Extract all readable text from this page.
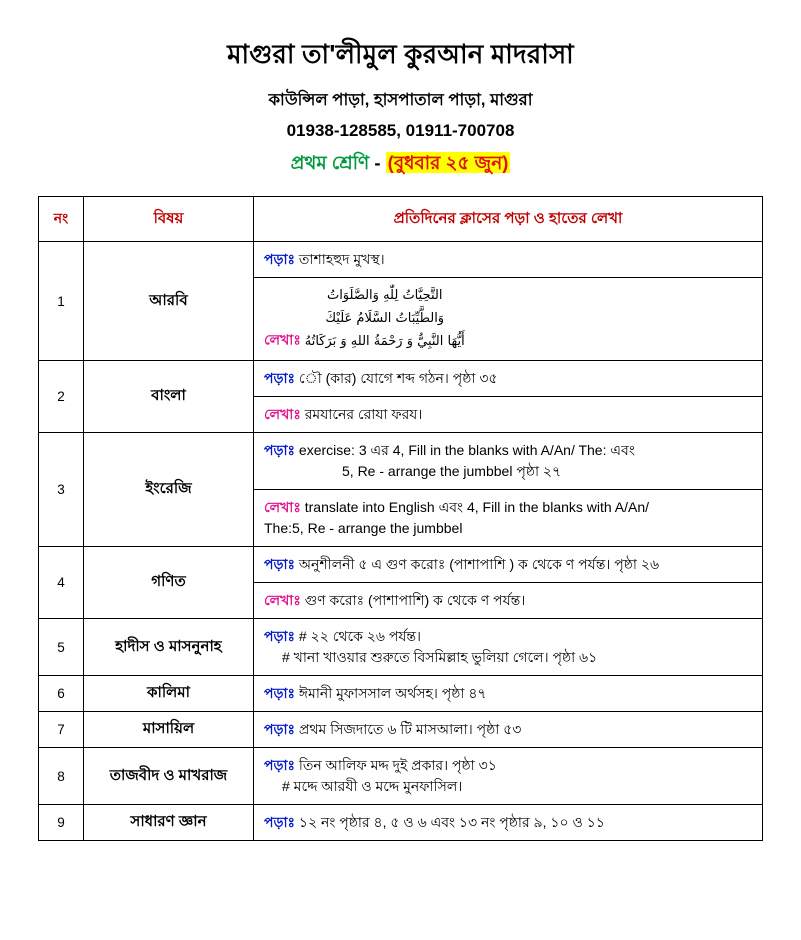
মাগুরা তা'লীমুল কুরআন মাদরাসা
কাউন্সিল পাড়া, হাসপাতাল পাড়া, মাগুরা
01938-128585, 01911-700708
প্রথম শ্রেণি - (বুধবার ২৫ জুন)
নং	বিষয়	প্রতিদিনের ক্লাসের পড়া ও হাতের লেখা
1	আরবি	পড়াঃ তাশাহহুদ মুখস্থ।
লেখাঃ التَّحِيَّاتُ لِلّٰهِ وَالصَّلَوَاتُ
وَالطَّيِّبَاتُ السَّلَامُ عَلَيْكَ
أَيُّهَا النَّبِيُّ وَ رَحْمَةُ اللهِ وَ بَرَكَاتُهُ

2	বাংলা	পড়াঃ ৌ (কার) যোগে শব্দ গঠন। পৃষ্ঠা ৩৫
লেখাঃ রমযানের রোযা ফরয।

3	ইংরেজি	পড়াঃ exercise: 3 এর 4, Fill in the blanks with A/An/ The: এবং
5, Re - arrange the jumbbel পৃষ্ঠা ২৭
লেখাঃ translate into English এবং 4, Fill in the blanks with A/An/
The:5, Re - arrange the jumbbel

4	গণিত	পড়াঃ অনুশীলনী ৫ এ গুণ করোঃ (পাশাপাশি ) ক থেকে ণ পর্যন্ত। পৃষ্ঠা ২৬
লেখাঃ গুণ করোঃ (পাশাপাশি) ক থেকে ণ পর্যন্ত।

5	হাদীস ও মাসনুনাহ	পড়াঃ # ২২ থেকে ২৬ পর্যন্ত।
# খানা খাওয়ার শুরুতে বিসমিল্লাহ ভুলিয়া গেলে। পৃষ্ঠা ৬১

6	কালিমা	পড়াঃ ঈমানী মুফাসসাল অর্থসহ। পৃষ্ঠা ৪৭

7	মাসায়িল	পড়াঃ প্রথম সিজদাতে ৬ টি মাসআলা। পৃষ্ঠা ৫৩

8	তাজবীদ ও মাখরাজ	পড়াঃ তিন আলিফ মদ্দ দুই প্রকার। পৃষ্ঠা ৩১
# মদ্দে আরযী ও মদ্দে মুনফাসিল।

9	সাধারণ জ্ঞান	পড়াঃ ১২ নং পৃষ্ঠার ৪, ৫ ও ৬ এবং ১৩ নং পৃষ্ঠার ৯, ১০ ও ১১
